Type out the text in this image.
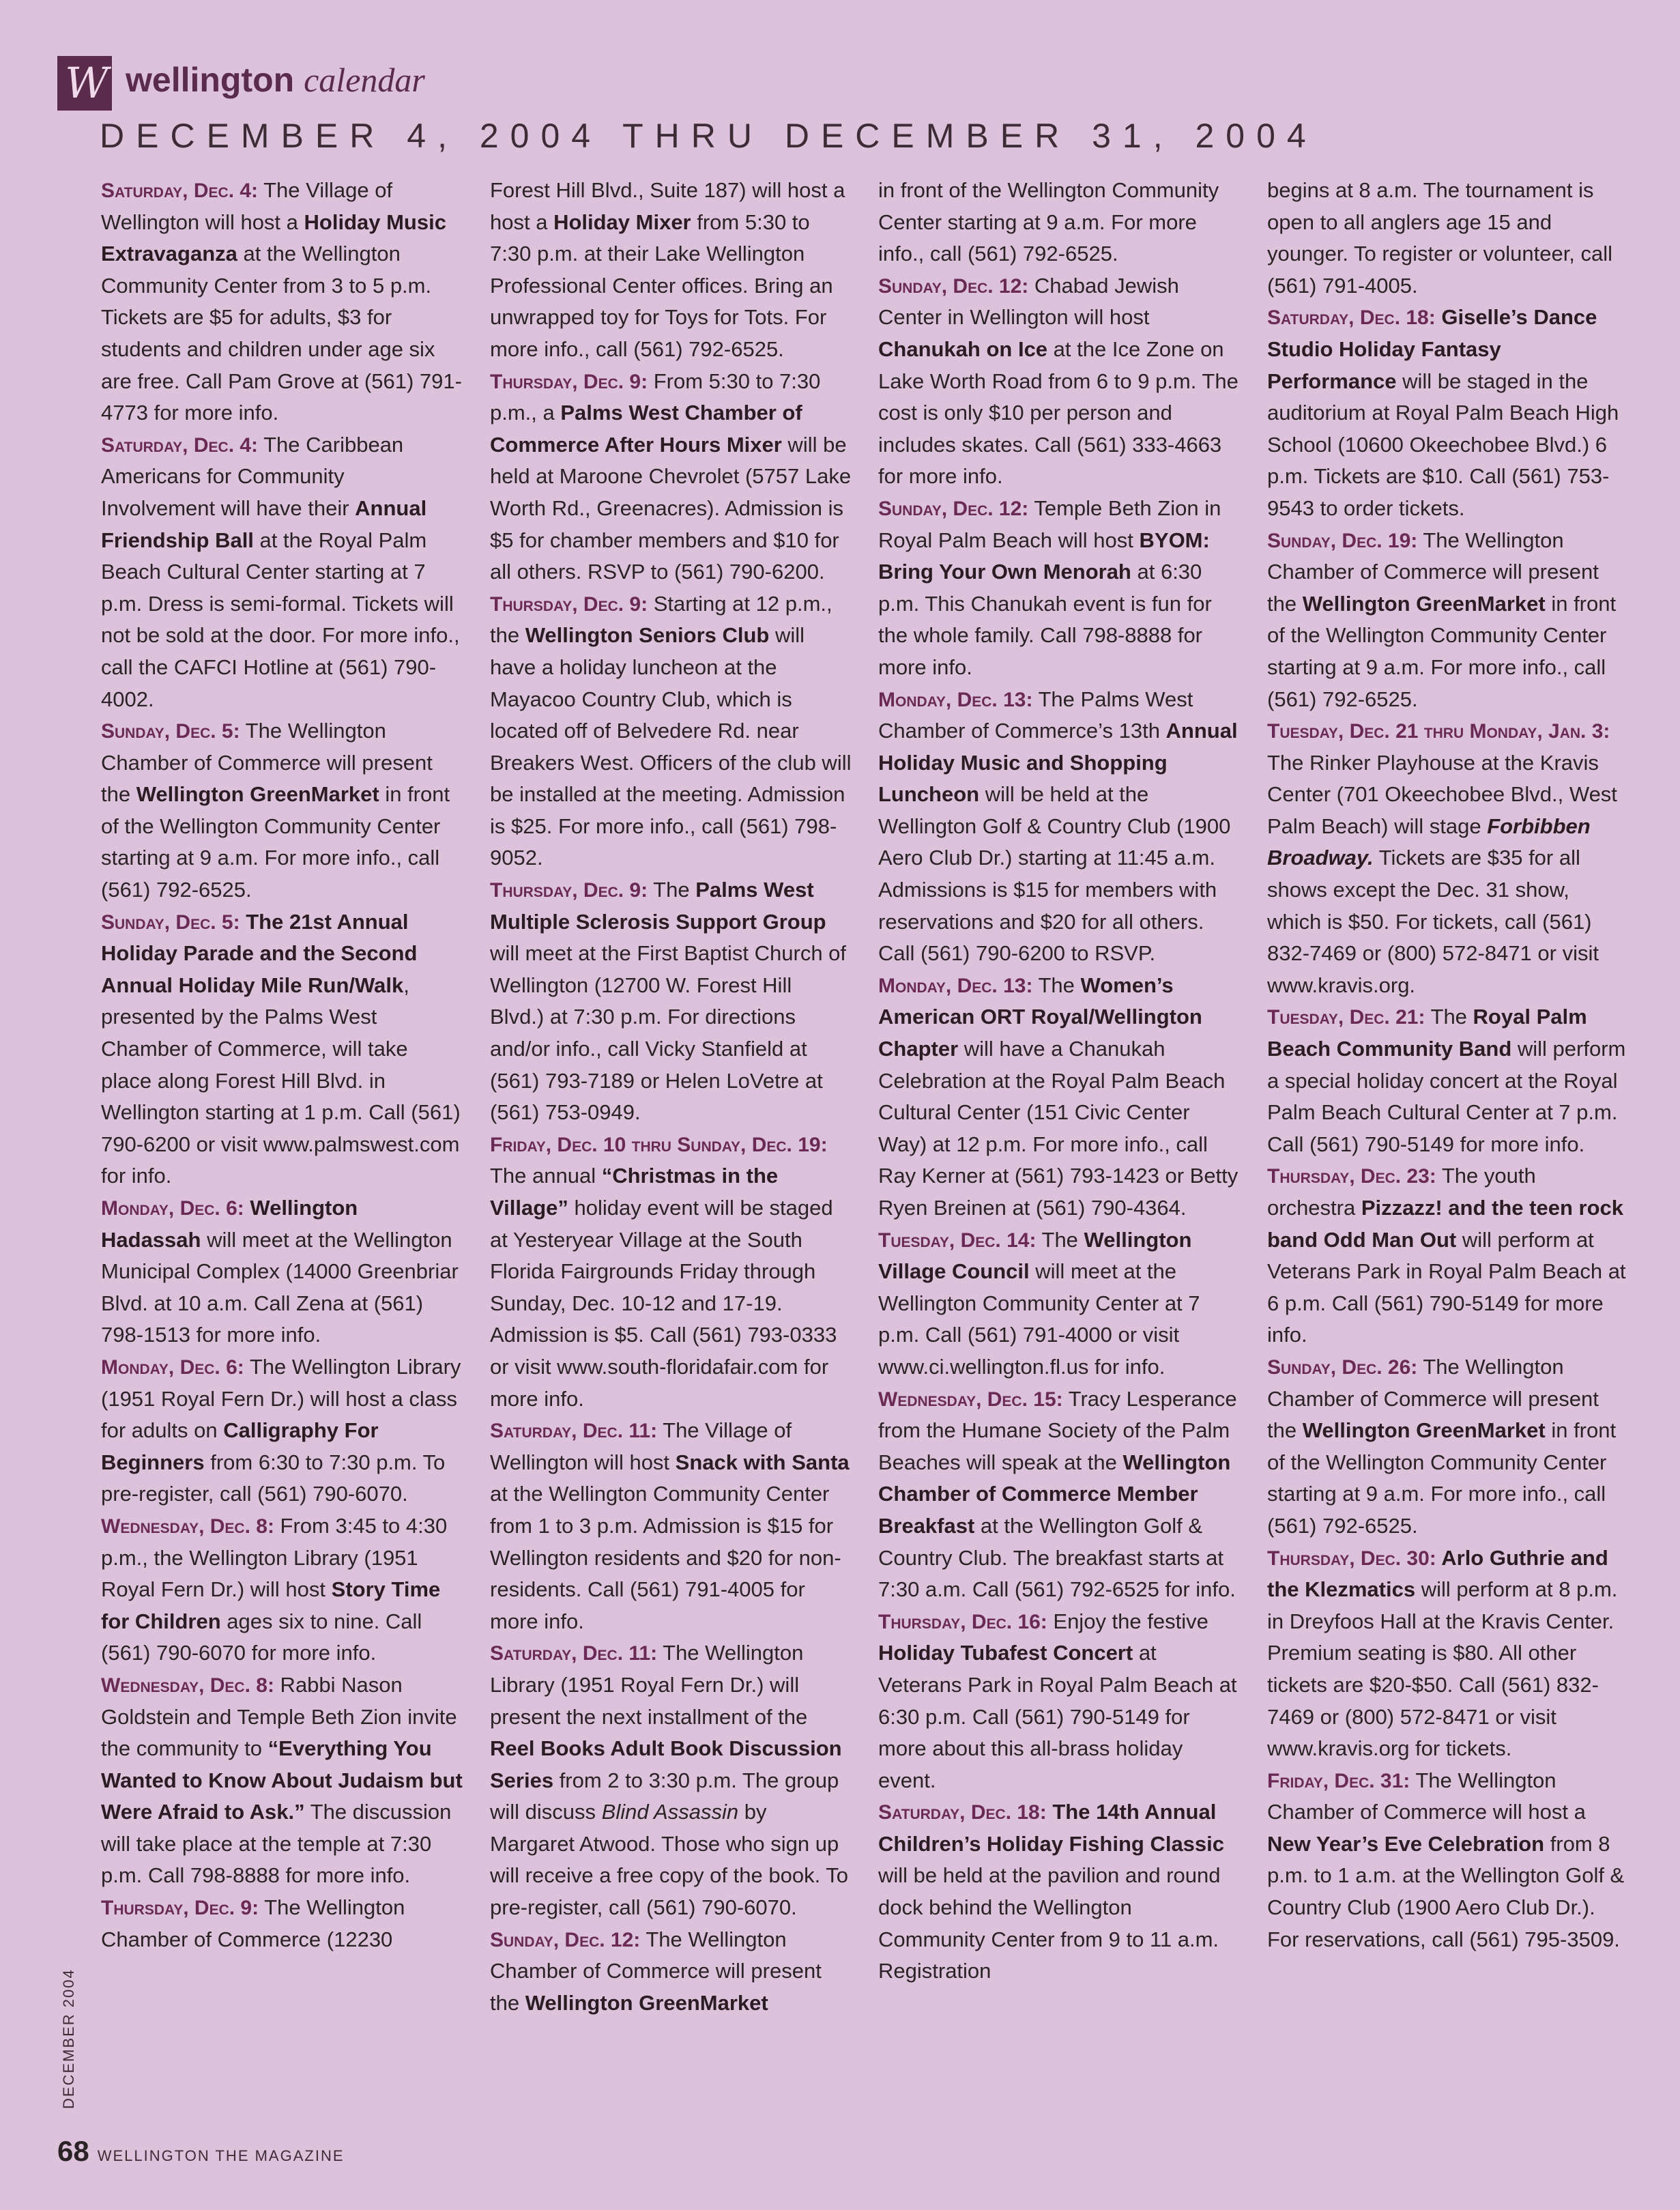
W wellington calendar
DECEMBER 4, 2004 THRU DECEMBER 31, 2004

Saturday, Dec. 4: The Village of Wellington will host a Holiday Music Extravaganza at the Wellington Community Center from 3 to 5 p.m. Tickets are $5 for adults, $3 for students and children under age six are free. Call Pam Grove at (561) 791-4773 for more info.

Saturday, Dec. 4: The Caribbean Americans for Community Involvement will have their Annual Friendship Ball at the Royal Palm Beach Cultural Center starting at 7 p.m. Dress is semi-formal. Tickets will not be sold at the door. For more info., call the CAFCI Hotline at (561) 790-4002.

Sunday, Dec. 5: The Wellington Chamber of Commerce will present the Wellington GreenMarket in front of the Wellington Community Center starting at 9 a.m. For more info., call (561) 792-6525.

Sunday, Dec. 5: The 21st Annual Holiday Parade and the Second Annual Holiday Mile Run/Walk, presented by the Palms West Chamber of Commerce, will take place along Forest Hill Blvd. in Wellington starting at 1 p.m. Call (561) 790-6200 or visit www.palmswest.com for info.

Monday, Dec. 6: Wellington Hadassah will meet at the Wellington Municipal Complex (14000 Greenbriar Blvd. at 10 a.m. Call Zena at (561) 798-1513 for more info.

Monday, Dec. 6: The Wellington Library (1951 Royal Fern Dr.) will host a class for adults on Calligraphy For Beginners from 6:30 to 7:30 p.m. To pre-register, call (561) 790-6070.

Wednesday, Dec. 8: From 3:45 to 4:30 p.m., the Wellington Library (1951 Royal Fern Dr.) will host Story Time for Children ages six to nine. Call (561) 790-6070 for more info.

Wednesday, Dec. 8: Rabbi Nason Goldstein and Temple Beth Zion invite the community to “Everything You Wanted to Know About Judaism but Were Afraid to Ask.” The discussion will take place at the temple at 7:30 p.m. Call 798-8888 for more info.

Thursday, Dec. 9: The Wellington Chamber of Commerce (12230

Forest Hill Blvd., Suite 187) will host a host a Holiday Mixer from 5:30 to 7:30 p.m. at their Lake Wellington Professional Center offices. Bring an unwrapped toy for Toys for Tots. For more info., call (561) 792-6525.

Thursday, Dec. 9: From 5:30 to 7:30 p.m., a Palms West Chamber of Commerce After Hours Mixer will be held at Maroone Chevrolet (5757 Lake Worth Rd., Greenacres). Admission is $5 for chamber members and $10 for all others. RSVP to (561) 790-6200.

Thursday, Dec. 9: Starting at 12 p.m., the Wellington Seniors Club will have a holiday luncheon at the Mayacoo Country Club, which is located off of Belvedere Rd. near Breakers West. Officers of the club will be installed at the meeting. Admission is $25. For more info., call (561) 798-9052.

Thursday, Dec. 9: The Palms West Multiple Sclerosis Support Group will meet at the First Baptist Church of Wellington (12700 W. Forest Hill Blvd.) at 7:30 p.m. For directions and/or info., call Vicky Stanfield at (561) 793-7189 or Helen LoVetre at (561) 753-0949.

Friday, Dec. 10 thru Sunday, Dec. 19: The annual “Christmas in the Village” holiday event will be staged at Yesteryear Village at the South Florida Fairgrounds Friday through Sunday, Dec. 10-12 and 17-19. Admission is $5. Call (561) 793-0333 or visit www.south-floridafair.com for more info.

Saturday, Dec. 11: The Village of Wellington will host Snack with Santa at the Wellington Community Center from 1 to 3 p.m. Admission is $15 for Wellington residents and $20 for non-residents. Call (561) 791-4005 for more info.

Saturday, Dec. 11: The Wellington Library (1951 Royal Fern Dr.) will present the next installment of the Reel Books Adult Book Discussion Series from 2 to 3:30 p.m. The group will discuss Blind Assassin by Margaret Atwood. Those who sign up will receive a free copy of the book. To pre-register, call (561) 790-6070.

Sunday, Dec. 12: The Wellington Chamber of Commerce will present the Wellington GreenMarket

in front of the Wellington Community Center starting at 9 a.m. For more info., call (561) 792-6525.

Sunday, Dec. 12: Chabad Jewish Center in Wellington will host Chanukah on Ice at the Ice Zone on Lake Worth Road from 6 to 9 p.m. The cost is only $10 per person and includes skates. Call (561) 333-4663 for more info.

Sunday, Dec. 12: Temple Beth Zion in Royal Palm Beach will host BYOM: Bring Your Own Menorah at 6:30 p.m. This Chanukah event is fun for the whole family. Call 798-8888 for more info.

Monday, Dec. 13: The Palms West Chamber of Commerce’s 13th Annual Holiday Music and Shopping Luncheon will be held at the Wellington Golf & Country Club (1900 Aero Club Dr.) starting at 11:45 a.m. Admissions is $15 for members with reservations and $20 for all others. Call (561) 790-6200 to RSVP.

Monday, Dec. 13: The Women’s American ORT Royal/Wellington Chapter will have a Chanukah Celebration at the Royal Palm Beach Cultural Center (151 Civic Center Way) at 12 p.m. For more info., call Ray Kerner at (561) 793-1423 or Betty Ryen Breinen at (561) 790-4364.

Tuesday, Dec. 14: The Wellington Village Council will meet at the Wellington Community Center at 7 p.m. Call (561) 791-4000 or visit www.ci.wellington.fl.us for info.

Wednesday, Dec. 15: Tracy Lesperance from the Humane Society of the Palm Beaches will speak at the Wellington Chamber of Commerce Member Breakfast at the Wellington Golf & Country Club. The breakfast starts at 7:30 a.m. Call (561) 792-6525 for info.

Thursday, Dec. 16: Enjoy the festive Holiday Tubafest Concert at Veterans Park in Royal Palm Beach at 6:30 p.m. Call (561) 790-5149 for more about this all-brass holiday event.

Saturday, Dec. 18: The 14th Annual Children’s Holiday Fishing Classic will be held at the pavilion and round dock behind the Wellington Community Center from 9 to 11 a.m. Registration

begins at 8 a.m. The tournament is open to all anglers age 15 and younger. To register or volunteer, call (561) 791-4005.

Saturday, Dec. 18: Giselle’s Dance Studio Holiday Fantasy Performance will be staged in the auditorium at Royal Palm Beach High School (10600 Okeechobee Blvd.) 6 p.m. Tickets are $10. Call (561) 753-9543 to order tickets.

Sunday, Dec. 19: The Wellington Chamber of Commerce will present the Wellington GreenMarket in front of the Wellington Community Center starting at 9 a.m. For more info., call (561) 792-6525.

Tuesday, Dec. 21 thru Monday, Jan. 3: The Rinker Playhouse at the Kravis Center (701 Okeechobee Blvd., West Palm Beach) will stage Forbibben Broadway. Tickets are $35 for all shows except the Dec. 31 show, which is $50. For tickets, call (561) 832-7469 or (800) 572-8471 or visit www.kravis.org.

Tuesday, Dec. 21: The Royal Palm Beach Community Band will perform a special holiday concert at the Royal Palm Beach Cultural Center at 7 p.m. Call (561) 790-5149 for more info.

Thursday, Dec. 23: The youth orchestra Pizzazz! and the teen rock band Odd Man Out will perform at Veterans Park in Royal Palm Beach at 6 p.m. Call (561) 790-5149 for more info.

Sunday, Dec. 26: The Wellington Chamber of Commerce will present the Wellington GreenMarket in front of the Wellington Community Center starting at 9 a.m. For more info., call (561) 792-6525.

Thursday, Dec. 30: Arlo Guthrie and the Klezmatics will perform at 8 p.m. in Dreyfoos Hall at the Kravis Center. Premium seating is $80. All other tickets are $20-$50. Call (561) 832-7469 or (800) 572-8471 or visit www.kravis.org for tickets.

Friday, Dec. 31: The Wellington Chamber of Commerce will host a New Year’s Eve Celebration from 8 p.m. to 1 a.m. at the Wellington Golf & Country Club (1900 Aero Club Dr.). For reservations, call (561) 795-3509.

DECEMBER 2004
68 WELLINGTON THE MAGAZINE
